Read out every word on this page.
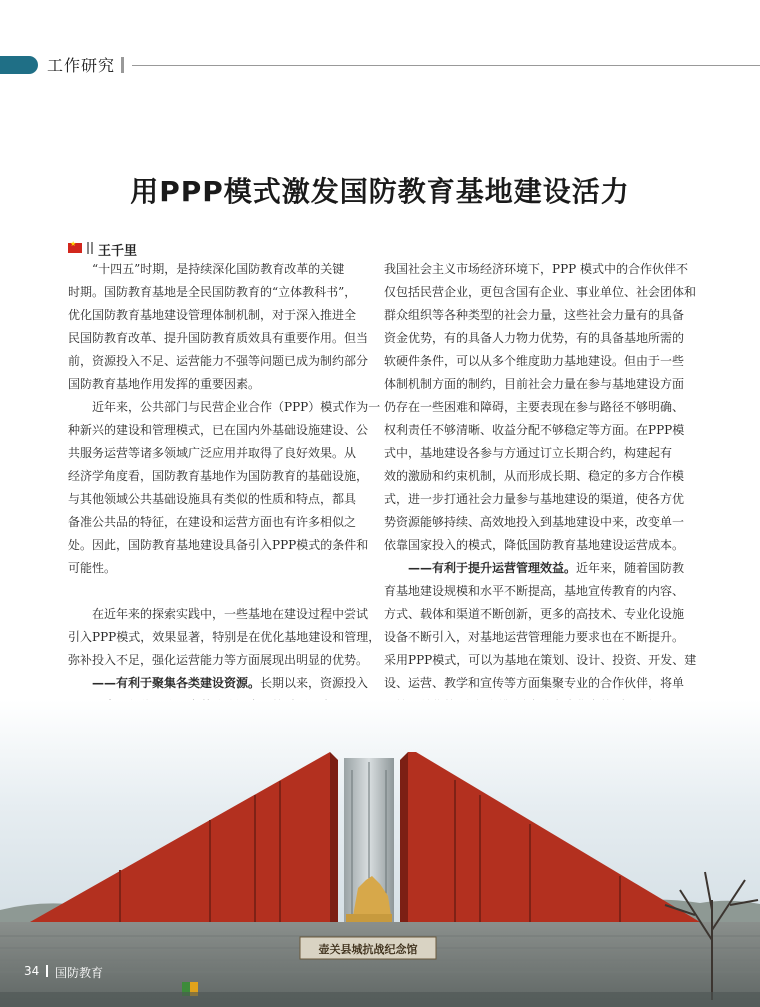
工作研究
用PPP模式激发国防教育基地建设活力
★ 王千里
“十四五”时期，是持续深化国防教育改革的关键
时期。国防教育基地是全民国防教育的“立体教科书”，
优化国防教育基地建设管理体制机制，对于深入推进全
民国防教育改革、提升国防教育质效具有重要作用。但当
前，资源投入不足、运营能力不强等问题已成为制约部分
国防教育基地作用发挥的重要因素。
近年来，公共部门与民营企业合作（PPP）模式作为一
种新兴的建设和管理模式，已在国内外基础设施建设、公
共服务运营等诸多领域广泛应用并取得了良好效果。从
经济学角度看，国防教育基地作为国防教育的基础设施，
与其他领域公共基础设施具有类似的性质和特点，都具
备准公共品的特征，在建设和运营方面也有许多相似之
处。因此，国防教育基地建设具备引入PPP模式的条件和
可能性。
在近年来的探索实践中，一些基地在建设过程中尝试
引入PPP模式，效果显著，特别是在优化基地建设和管理，
弥补投入不足，强化运营能力等方面展现出明显的优势。
——有利于聚集各类建设资源。长期以来，资源投入
我国社会主义市场经济环境下，PPP 模式中的合作伙伴不
仅包括民营企业，更包含国有企业、事业单位、社会团体和
群众组织等各种类型的社会力量，这些社会力量有的具备
资金优势，有的具备人力物力优势，有的具备基地所需的
软硬件条件，可以从多个维度助力基地建设。但由于一些
体制机制方面的制约，目前社会力量在参与基地建设方面
仍存在一些困难和障碍，主要表现在参与路径不够明确、
权利责任不够清晰、收益分配不够稳定等方面。在PPP模
式中，基地建设各参与方通过订立长期合约，构建起有
效的激励和约束机制，从而形成长期、稳定的多方合作模
式，进一步打通社会力量参与基地建设的渠道，使各方优
势资源能够持续、高效地投入到基地建设中来，改变单一
依靠国家投入的模式，降低国防教育基地建设运营成本。
——有利于提升运营管理效益。近年来，随着国防教
育基地建设规模和水平不断提高，基地宣传教育的内容、
方式、载体和渠道不断创新，更多的高技术、专业化设施
设备不断引入，对基地运营管理能力要求也在不断提升。
采用PPP模式，可以为基地在策划、设计、投资、开发、建
设、运营、教学和宣传等方面集聚专业的合作伙伴，将单
壶关县城抗战纪念馆
34 国防教育
